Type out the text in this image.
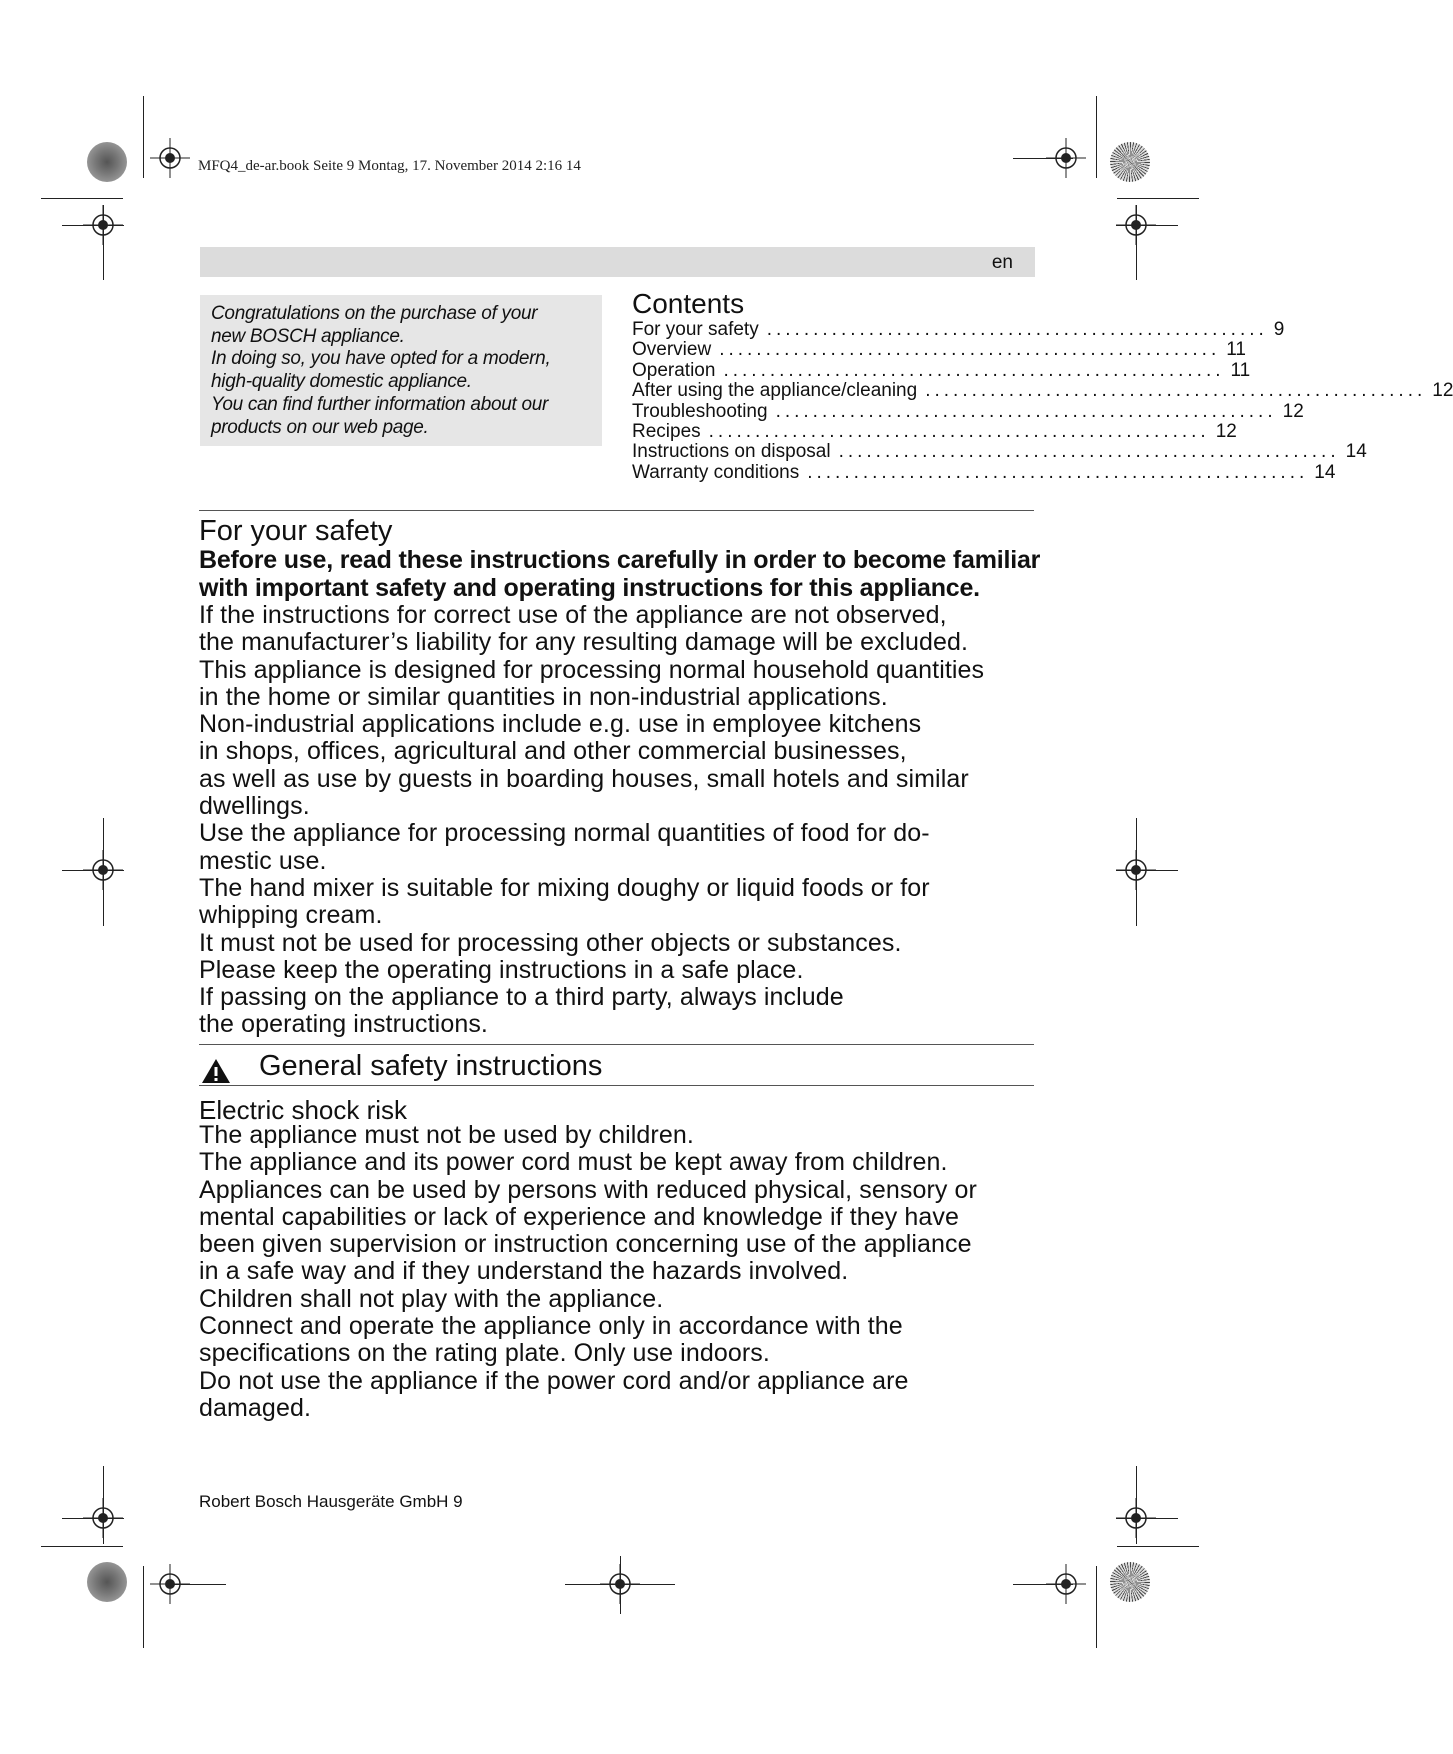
MFQ4_de-ar.book Seite 9 Montag, 17. November 2014 2:16 14
en
Congratulations on the purchase of your
new BOSCH appliance.
In doing so, you have opted for a modern,
high-quality domestic appliance.
You can find further information about our
products on our web page.
Contents
For your safety ...................................................... 9
Overview ...................................................... 11
Operation ...................................................... 11
After using the appliance/cleaning ...................................................... 12
Troubleshooting ...................................................... 12
Recipes ...................................................... 12
Instructions on disposal ...................................................... 14
Warranty conditions ...................................................... 14
For your safety
Before use, read these instructions carefully in order to become familiar
with important safety and operating instructions for this appliance.
If the instructions for correct use of the appliance are not observed,
the manufacturer’s liability for any resulting damage will be excluded.
This appliance is designed for processing normal household quantities
in the home or similar quantities in non-industrial applications.
Non-industrial applications include e.g. use in employee kitchens
in shops, offices, agricultural and other commercial businesses,
as well as use by guests in boarding houses, small hotels and similar
dwellings.
Use the appliance for processing normal quantities of food for do-
mestic use.
The hand mixer is suitable for mixing doughy or liquid foods or for
whipping cream.
It must not be used for processing other objects or substances.
Please keep the operating instructions in a safe place.
If passing on the appliance to a third party, always include
the operating instructions.
General safety instructions
Electric shock risk
The appliance must not be used by children.
The appliance and its power cord must be kept away from children.
Appliances can be used by persons with reduced physical, sensory or
mental capabilities or lack of experience and knowledge if they have
been given supervision or instruction concerning use of the appliance
in a safe way and if they understand the hazards involved.
Children shall not play with the appliance.
Connect and operate the appliance only in accordance with the
specifications on the rating plate. Only use indoors.
Do not use the appliance if the power cord and/or appliance are
damaged.
Robert Bosch Hausgeräte GmbH 9
